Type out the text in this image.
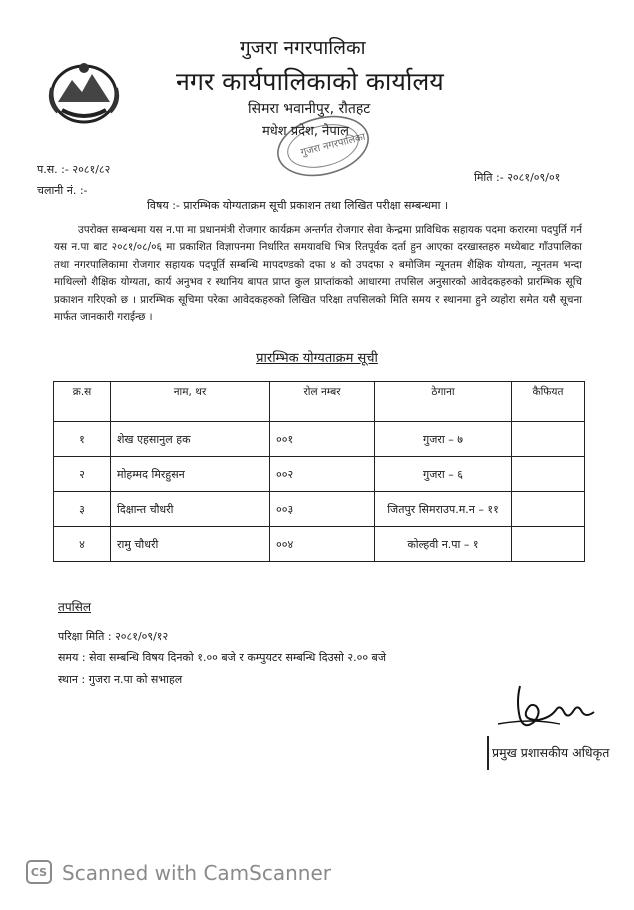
गुजरा नगरपालिका
नगर कार्यपालिकाको कार्यालय
सिमरा भवानीपुर, रौतहट
मधेश प्रदेश, नेपाल
गुजरा नगरपालिका
प.स. :- २०८१/८२
मिति :- २०८१/०९/०१
चलानी नं. :-
विषय :- प्रारम्भिक योग्यताक्रम सूची प्रकाशन तथा लिखित परीक्षा सम्बन्धमा ।
उपरोक्त सम्बन्धमा यस न.पा मा प्रधानमंत्री रोजगार कार्यक्रम अन्तर्गत रोजगार सेवा केन्द्रमा प्राविधिक सहायक पदमा करारमा पदपुर्ति गर्न यस न.पा बाट २०८१/०८/०६ मा प्रकाशित विज्ञापनमा निर्धारित समयावधि भित्र रितपूर्वक दर्ता हुन आएका दरखास्तहरु मध्येबाट गाँउपालिका तथा नगरपालिकामा रोजगार सहायक पदपूर्ति सम्बन्धि मापदण्डको दफा ४ को उपदफा २ बमोजिम न्यूनतम शैक्षिक योग्यता, न्यूनतम भन्दा माथिल्लो शैक्षिक योग्यता, कार्य अनुभव र स्थानिय बापत प्राप्त कुल प्राप्तांकको आधारमा तपसिल अनुसारको आवेदकहरुको प्रारम्भिक सूचि प्रकाशन गरिएको छ । प्रारम्भिक सूचिमा परेका आवेदकहरुको लिखित परिक्षा तपसिलको मिति समय र स्थानमा हुने व्यहोरा समेत यसै सूचना मार्फत जानकारी गराईन्छ ।
प्रारम्भिक योग्यताक्रम सूची
क्र.स	नाम, थर	रोल नम्बर	ठेगाना	कैफियत
१	शेख एहसानुल हक	००१	गुजरा – ७	
२	मोहम्मद मिरहुसन	००२	गुजरा – ६	
३	दिक्षान्त चौधरी	००३	जितपुर सिमराउप.म.न – ११	
४	रामु चौधरी	००४	कोल्हवी न.पा – १	
तपसिल
परिक्षा मिति : २०८१/०९/१२
समय : सेवा सम्बन्धि विषय दिनको १.०० बजे र कम्पुयटर सम्बन्धि दिउसो २.०० बजे
स्थान : गुजरा न.पा को सभाहल
प्रमुख प्रशासकीय अधिकृत
CS Scanned with CamScanner
